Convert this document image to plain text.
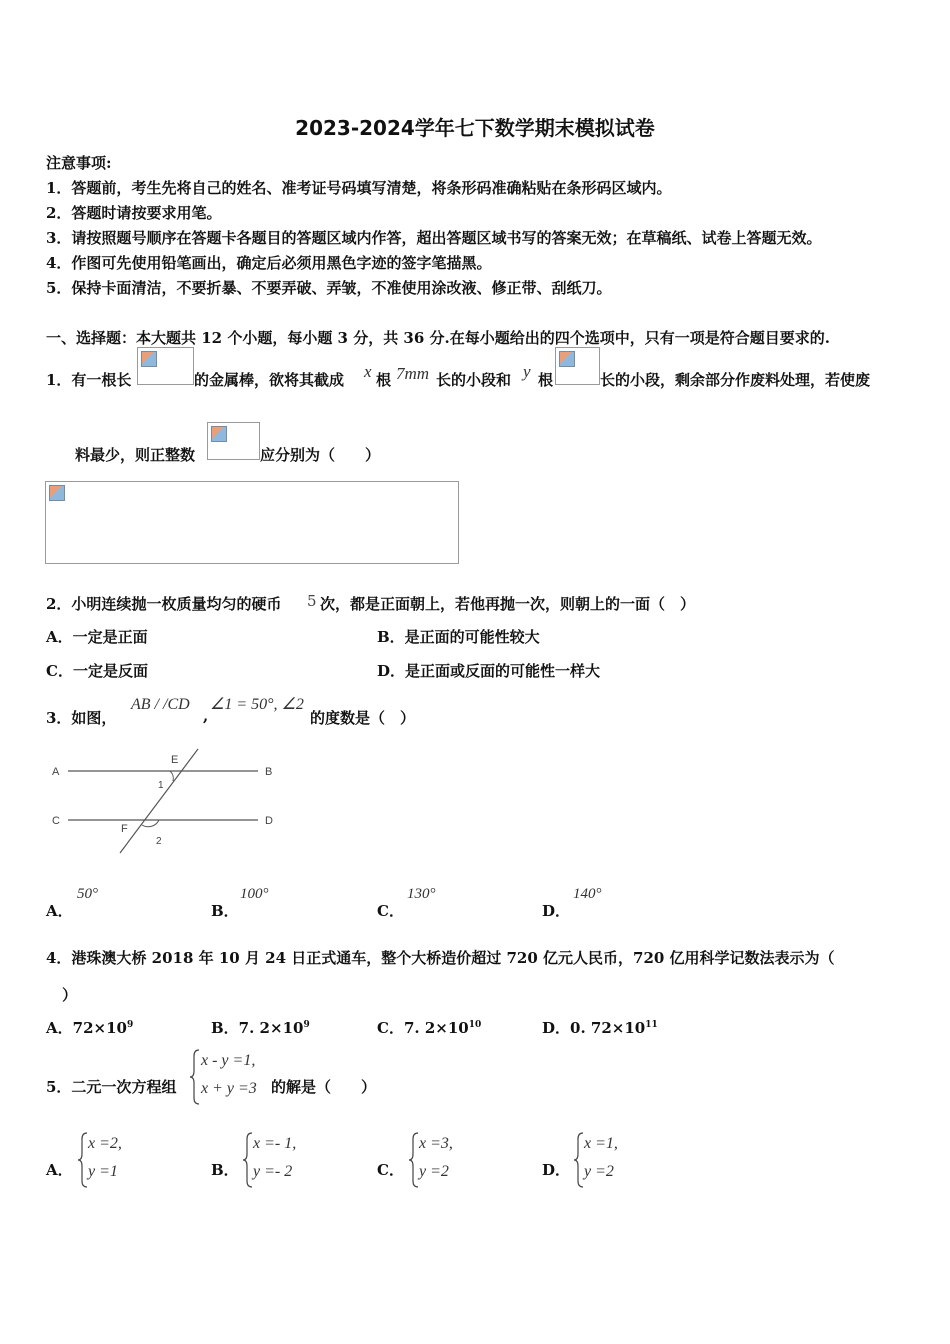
2023-2024学年七下数学期末模拟试卷
注意事项:
1．答题前，考生先将自己的姓名、准考证号码填写清楚，将条形码准确粘贴在条形码区域内。
2．答题时请按要求用笔。
3．请按照题号顺序在答题卡各题目的答题区域内作答，超出答题区域书写的答案无效；在草稿纸、试卷上答题无效。
4．作图可先使用铅笔画出，确定后必须用黑色字迹的签字笔描黑。
5．保持卡面清洁，不要折暴、不要弄破、弄皱，不准使用涂改液、修正带、刮纸刀。
一、选择题：本大题共 12 个小题，每小题 3 分，共 36 分.在每小题给出的四个选项中，只有一项是符合题目要求的.
1．有一根长	的金属棒，欲将其截成 x 根 7mm 长的小段和 y 根	长的小段，剩余部分作废料处理，若使废
料最少，则正整数	应分别为（　　）
2．小明连续抛一枚质量均匀的硬币 5 次，都是正面朝上，若他再抛一次，则朝上的一面（　）
A．一定是正面	B．是正面的可能性较大
C．一定是反面	D．是正面或反面的可能性一样大
3．如图，
AB / /CD
,
∠1 = 50°, ∠2
的度数是（　）
A	B
C	D
E
F
1
2
A．
50°
B．
100°
C．
130°
D．
140°
4．港珠澳大桥 2018 年 10 月 24 日正式通车，整个大桥造价超过 720 亿元人民币，720 亿用科学记数法表示为（
）
A．$72\times 10^9$	B．7. $2\times 10^9$	C．7. $2\times 10^{10}$	D．0. $72\times 10^{11}$
5．二元一次方程组
x - y =1,
x + y =3 的解是（　　）
A．
x =2,
y =1	B．
x =- 1,
y =- 2	C．
x =3,
y =2	D．
x =1,
y =2
